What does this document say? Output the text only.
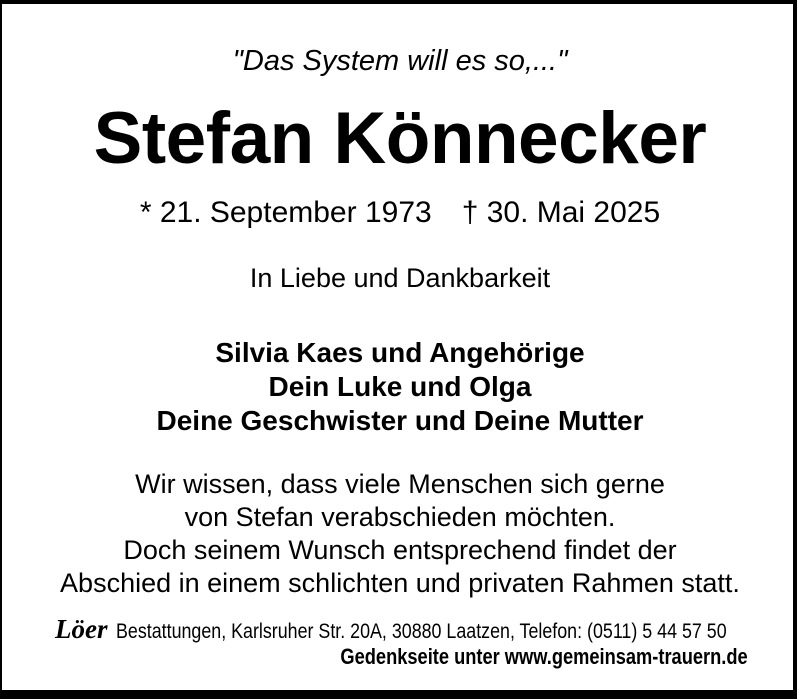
"Das System will es so,..."
Stefan Könnecker
* 21. September 1973 † 30. Mai 2025
In Liebe und Dankbarkeit
Silvia Kaes und Angehörige
Dein Luke und Olga
Deine Geschwister und Deine Mutter
Wir wissen, dass viele Menschen sich gerne
von Stefan verabschieden möchten.
Doch seinem Wunsch entsprechend findet der
Abschied in einem schlichten und privaten Rahmen statt.
Löer Bestattungen, Karlsruher Str. 20A, 30880 Laatzen, Telefon: (0511) 5 44 57 50
Gedenkseite unter www.gemeinsam-trauern.de
